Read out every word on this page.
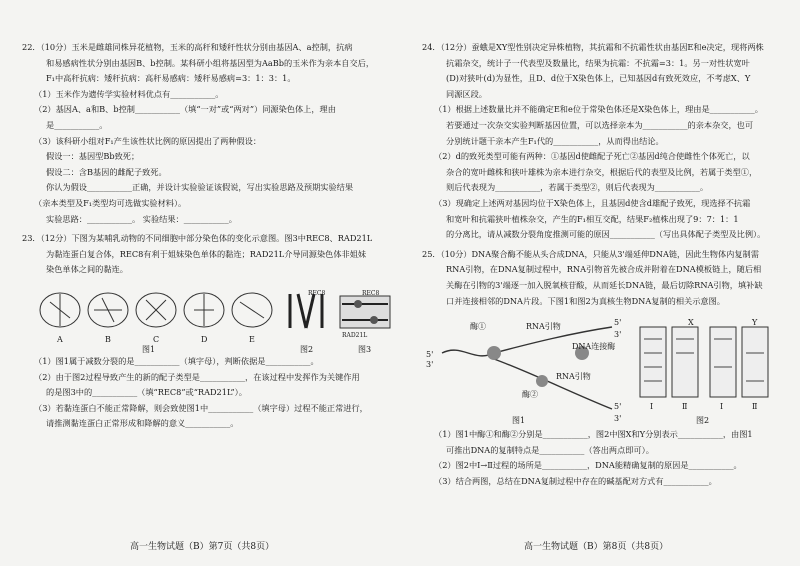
22．（10分）玉米是雌雄同株异花植物，玉米的高秆和矮秆性状分别由基因A、a控制，抗病
和易感病性状分别由基因B、b控制。某科研小组将基因型为AaBb的玉米作为亲本自交后，
F₁中高秆抗病：矮秆抗病：高秆易感病：矮秆易感病=3：1：3：1。
（1）玉米作为遗传学实验材料优点有___________。
（2）基因A、a和B、b控制___________（填“一对”或“两对”）同源染色体上，理由
是___________。
（3）该科研小组对F₁产生该性状比例的原因提出了两种假设：
假设一：基因型Bb致死；
假设二：含B基因的雌配子致死。
你认为假设___________正确，并设计实验验证该假说，写出实验思路及预期实验结果
（亲本类型及F₁类型均可选做实验材料）。
实验思路：___________。 实验结果：___________。
23．（12分）下图为某哺乳动物的不同细胞中部分染色体的变化示意图。图3中REC8、RAD21L
为黏连蛋白复合体，REC8有利于姐妹染色单体的黏连；RAD21L介导同源染色体非姐妹
染色单体之间的黏连。
A	B	C	D	E
REC8
RAD21L
REC8
图1	图2	图3
（1）图1属于减数分裂的是___________（填字母），判断依据是___________。
（2）由于图2过程导致产生的新的配子类型是___________，在该过程中发挥作为关键作用
的是图3中的___________（填“REC8”或“RAD21L”）。
（3）若黏连蛋白不能正常降解，则会致使图1中___________（填字母）过程不能正常进行，
请推测黏连蛋白正常形成和降解的意义___________。
高一生物试题（B）第7页（共8页）
24．（12分）蚕蛾是XY型性别决定异株植物，其抗霜和不抗霜性状由基因E和e决定，现将两株
抗霜杂交，统计子一代表型及数量比，结果为抗霜：不抗霜=3：1。另一对性状宽叶
(D)对狭叶(d)为显性，且D、d位于X染色体上，已知基因d有致死效应，不考虑X、Y
同源区段。
（1）根据上述数量比并不能确定E和e位于常染色体还是X染色体上，理由是___________。
若要通过一次杂交实验判断基因位置，可以选择亲本为___________的亲本杂交，也可
分别统计题干亲本产生F₁代的___________，从而得出结论。
（2）d的致死类型可能有两种：①基因d使雌配子死亡②基因d纯合使雌性个体死亡，以
杂合的宽叶雌株和狭叶雄株为亲本进行杂交，根据后代的表型及比例，若属于类型①，
则后代表现为___________，若属于类型②，则后代表现为___________。
（3）现确定上述两对基因均位于X染色体上，且基因d使含d雄配子致死，现选择不抗霜
和宽叶和抗霜狭叶植株杂交，产生的F₁相互交配，结果F₂植株出现了9：7：1：1
的分离比，请从减数分裂角度推测可能的原因___________（写出具体配子类型及比例）。
25．（10分）DNA聚合酶不能从头合成DNA，只能从3'端延伸DNA链，因此生物体内复制需
RNA引物，在DNA复制过程中，RNA引物首先被合成并附着在DNA模板链上，随后相
关酶在引物的3'端逐一加入脱氧核苷酸，从而延长DNA链，最后切除RNA引物，填补缺
口并连接相邻的DNA片段。下图1和图2为真核生物DNA复制的相关示意图。
酶①
酶②
RNA引物
DNA连接酶
RNA引物
5'
3'
5'
3'
5'
3'
X	Y
Ⅰ	Ⅱ	Ⅰ	Ⅱ
图1	图2
（1）图1中酶①和酶②分别是___________，图2中图X和Y分别表示___________，由图1
可推出DNA的复制特点是___________（答出两点即可）。
（2）图2中Ⅰ→Ⅱ过程的场所是___________，DNA能精确复制的原因是___________。
（3）结合两图，总结在DNA复制过程中存在的碱基配对方式有___________。
高一生物试题（B）第8页（共8页）
